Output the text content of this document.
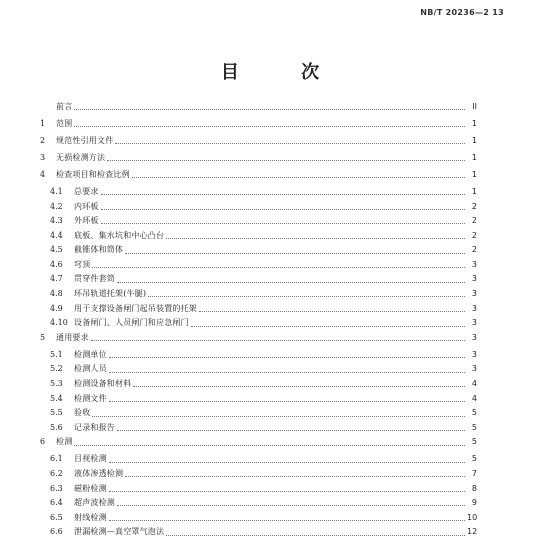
NB/T 20236—2 13
目 次
前言	II
1	范围	1
2	规范性引用文件	1
3	无损检测方法	1
4	检查项目和检查比例	1
4.1	总要求	1
4.2	内环板	2
4.3	外环板	2
4.4	底板、集水坑和中心凸台	2
4.5	截锥体和筒体	2
4.6	穹顶	3
4.7	贯穿件套筒	3
4.8	环吊轨道托架(牛腿)	3
4.9	用于支撑设备闸门起吊装置的托架	3
4.10 设备闸门、人员闸门和应急闸门	3
5	通用要求	3
5.1	检测单位	3
5.2	检测人员	3
5.3	检测设备和材料	4
5.4	检测文件	4
5.5	验收	5
5.6	记录和报告	5
6	检测	5
6.1	目视检测	5
6.2	液体渗透检测	7
6.3	磁粉检测	8
6.4	超声波检测	9
6.5	射线检测	10
6.6	泄漏检测—真空罩气泡法	12
